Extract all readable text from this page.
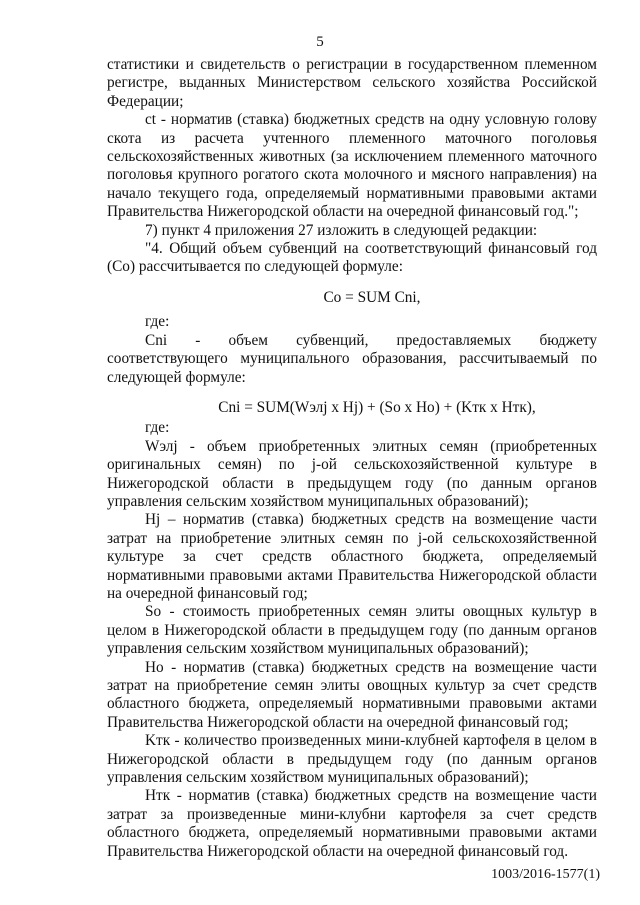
5

статистики и свидетельств о регистрации в государственном племенном регистре, выданных Министерством сельского хозяйства Российской Федерации;

ct - норматив (ставка) бюджетных средств на одну условную голову скота из расчета учтенного племенного маточного поголовья сельскохозяйственных животных (за исключением племенного маточного поголовья крупного рогатого скота молочного и мясного направления) на начало текущего года, определяемый нормативными правовыми актами Правительства Нижегородской области на очередной финансовый год.";

7) пункт 4 приложения 27 изложить в следующей редакции:

"4. Общий объем субвенций на соответствующий финансовый год (Co) рассчитывается по следующей формуле:

Co = SUM Cni,

где:

Cni - объем субвенций, предоставляемых бюджету соответствующего муниципального образования, рассчитываемый по следующей формуле:

Cni = SUM(Wэлj x Hj) + (So x Ho) + (Kтк x Hтк),

где:

Wэлj - объем приобретенных элитных семян (приобретенных оригинальных семян) по j-ой сельскохозяйственной культуре в Нижегородской области в предыдущем году (по данным органов управления сельским хозяйством муниципальных образований);

Hj – норматив (ставка) бюджетных средств на возмещение части затрат на приобретение элитных семян по j-ой сельскохозяйственной культуре за счет средств областного бюджета, определяемый нормативными правовыми актами Правительства Нижегородской области на очередной финансовый год;

So - стоимость приобретенных семян элиты овощных культур в целом в Нижегородской области в предыдущем году (по данным органов управления сельским хозяйством муниципальных образований);

Ho - норматив (ставка) бюджетных средств на возмещение части затрат на приобретение семян элиты овощных культур за счет средств областного бюджета, определяемый нормативными правовыми актами Правительства Нижегородской области на очередной финансовый год;

Kтк - количество произведенных мини-клубней картофеля в целом в Нижегородской области в предыдущем году (по данным органов управления сельским хозяйством муниципальных образований);

Hтк - норматив (ставка) бюджетных средств на возмещение части затрат за произведенные мини-клубни картофеля за счет средств областного бюджета, определяемый нормативными правовыми актами Правительства Нижегородской области на очередной финансовый год.

1003/2016-1577(1)
